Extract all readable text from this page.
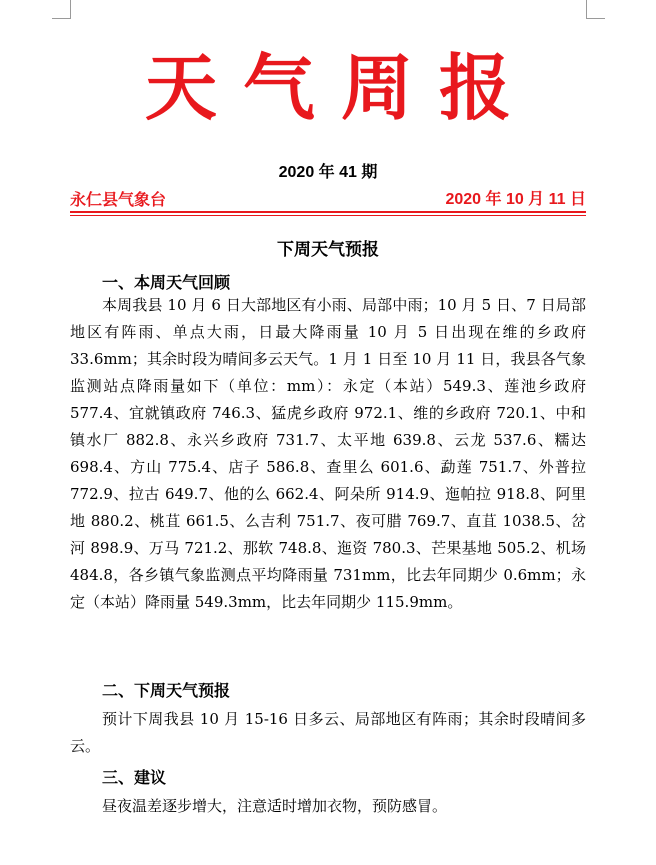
天气周报
2020 年 41 期
永仁县气象台	2020 年 10 月 11 日
下周天气预报
一、本周天气回顾

本周我县 10 月 6 日大部地区有小雨、局部中雨；10 月 5 日、7 日局部地区有阵雨、单点大雨，日最大降雨量 10 月 5 日出现在维的乡政府 33.6mm；其余时段为晴间多云天气。1 月 1 日至 10 月 11 日，我县各气象监测站点降雨量如下（单位：mm）：永定（本站）549.3、莲池乡政府 577.4、宜就镇政府 746.3、猛虎乡政府 972.1、维的乡政府 720.1、中和镇水厂 882.8、永兴乡政府 731.7、太平地 639.8、云龙 537.6、糯达 698.4、方山 775.4、店子 586.8、查里么 601.6、勐莲 751.7、外普拉 772.9、拉古 649.7、他的么 662.4、阿朵所 914.9、迤帕拉 918.8、阿里地 880.2、桃苴 661.5、么吉利 751.7、夜可腊 769.7、直苴 1038.5、岔河 898.9、万马 721.2、那软 748.8、迤资 780.3、芒果基地 505.2、机场 484.8，各乡镇气象监测点平均降雨量 731mm，比去年同期少 0.6mm；永定（本站）降雨量 549.3mm，比去年同期少 115.9mm。

二、下周天气预报

预计下周我县 10 月 15-16 日多云、局部地区有阵雨；其余时段晴间多云。

三、建议

昼夜温差逐步增大，注意适时增加衣物，预防感冒。
